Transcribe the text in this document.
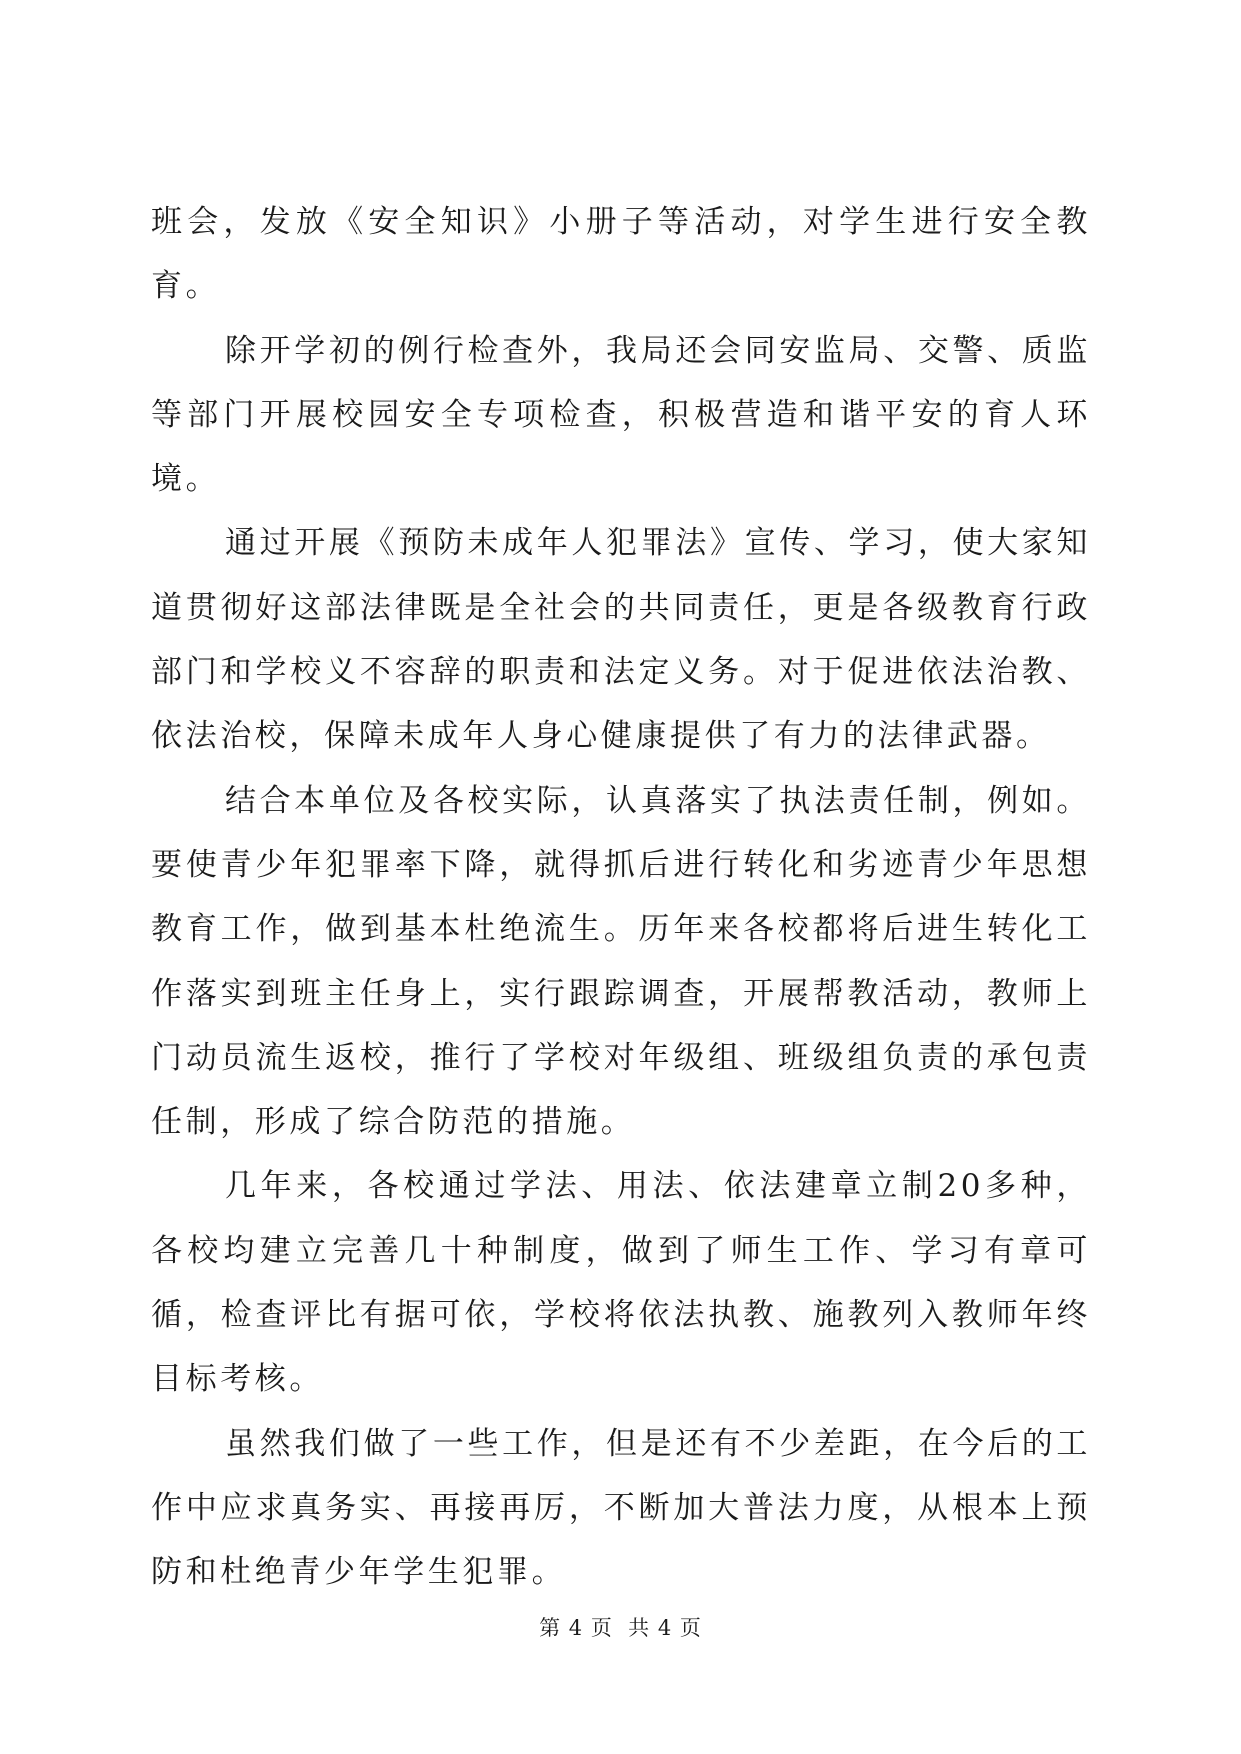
班会，发放《安全知识》小册子等活动，对学生进行安全教育。

除开学初的例行检查外，我局还会同安监局、交警、质监等部门开展校园安全专项检查，积极营造和谐平安的育人环境。

通过开展《预防未成年人犯罪法》宣传、学习，使大家知道贯彻好这部法律既是全社会的共同责任，更是各级教育行政部门和学校义不容辞的职责和法定义务。对于促进依法治教、依法治校，保障未成年人身心健康提供了有力的法律武器。

结合本单位及各校实际，认真落实了执法责任制，例如。要使青少年犯罪率下降，就得抓后进行转化和劣迹青少年思想教育工作，做到基本杜绝流生。历年来各校都将后进生转化工作落实到班主任身上，实行跟踪调查，开展帮教活动，教师上门动员流生返校，推行了学校对年级组、班级组负责的承包责任制，形成了综合防范的措施。

几年来，各校通过学法、用法、依法建章立制20多种，各校均建立完善几十种制度，做到了师生工作、学习有章可循，检查评比有据可依，学校将依法执教、施教列入教师年终目标考核。

虽然我们做了一些工作，但是还有不少差距，在今后的工作中应求真务实、再接再厉，不断加大普法力度，从根本上预防和杜绝青少年学生犯罪。

第 4 页  共 4 页
